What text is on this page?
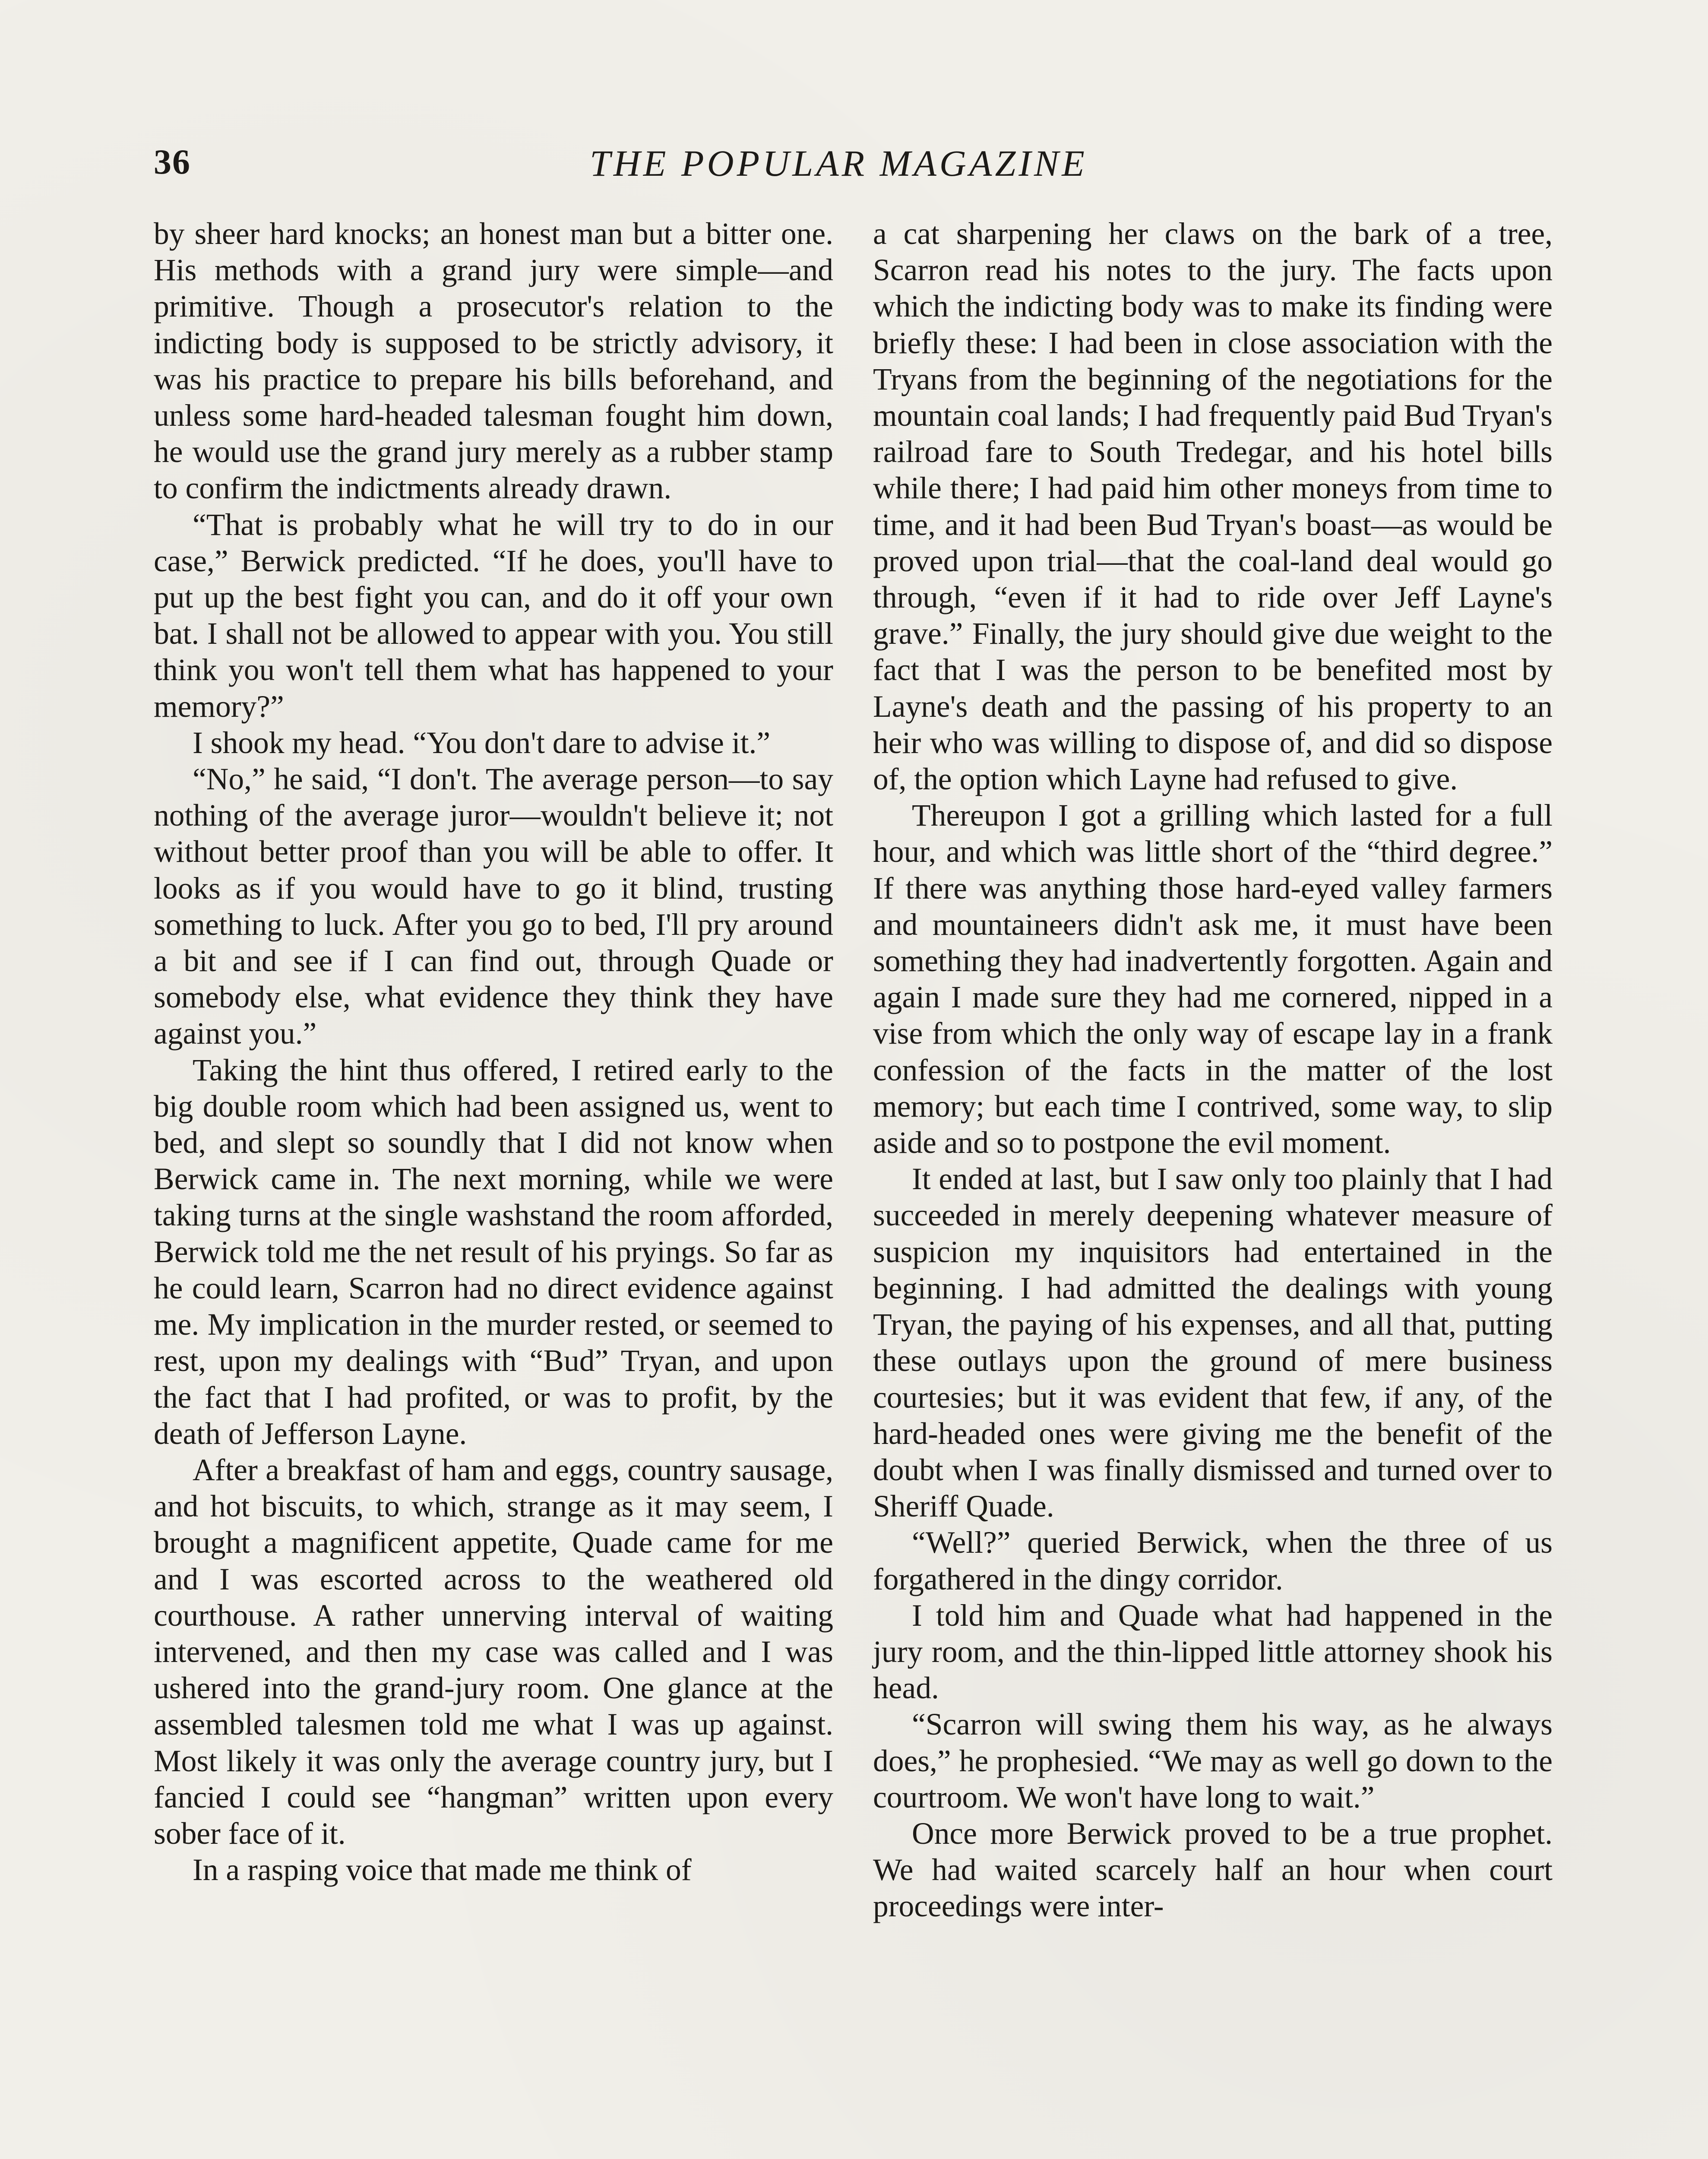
36	THE POPULAR MAGAZINE

by sheer hard knocks; an honest man but a bitter one. His methods with a grand jury were simple—and primitive. Though a prosecutor's relation to the indicting body is supposed to be strictly advisory, it was his practice to prepare his bills beforehand, and unless some hard-headed talesman fought him down, he would use the grand jury merely as a rubber stamp to confirm the indictments already drawn.

“That is probably what he will try to do in our case,” Berwick predicted. “If he does, you'll have to put up the best fight you can, and do it off your own bat. I shall not be allowed to appear with you. You still think you won't tell them what has happened to your memory?”

I shook my head. “You don't dare to advise it.”

“No,” he said, “I don't. The average person—to say nothing of the average juror—wouldn't believe it; not without better proof than you will be able to offer. It looks as if you would have to go it blind, trusting something to luck. After you go to bed, I'll pry around a bit and see if I can find out, through Quade or somebody else, what evidence they think they have against you.”

Taking the hint thus offered, I retired early to the big double room which had been assigned us, went to bed, and slept so soundly that I did not know when Berwick came in. The next morning, while we were taking turns at the single washstand the room afforded, Berwick told me the net result of his pryings. So far as he could learn, Scarron had no direct evidence against me. My implication in the murder rested, or seemed to rest, upon my dealings with “Bud” Tryan, and upon the fact that I had profited, or was to profit, by the death of Jefferson Layne.

After a breakfast of ham and eggs, country sausage, and hot biscuits, to which, strange as it may seem, I brought a magnificent appetite, Quade came for me and I was escorted across to the weathered old courthouse. A rather unnerving interval of waiting intervened, and then my case was called and I was ushered into the grand-jury room. One glance at the assembled talesmen told me what I was up against. Most likely it was only the average country jury, but I fancied I could see “hangman” written upon every sober face of it.

In a rasping voice that made me think of

a cat sharpening her claws on the bark of a tree, Scarron read his notes to the jury. The facts upon which the indicting body was to make its finding were briefly these: I had been in close association with the Tryans from the beginning of the negotiations for the mountain coal lands; I had frequently paid Bud Tryan's railroad fare to South Tredegar, and his hotel bills while there; I had paid him other moneys from time to time, and it had been Bud Tryan's boast—as would be proved upon trial—that the coal-land deal would go through, “even if it had to ride over Jeff Layne's grave.” Finally, the jury should give due weight to the fact that I was the person to be benefited most by Layne's death and the passing of his property to an heir who was willing to dispose of, and did so dispose of, the option which Layne had refused to give.

Thereupon I got a grilling which lasted for a full hour, and which was little short of the “third degree.” If there was anything those hard-eyed valley farmers and mountaineers didn't ask me, it must have been something they had inadvertently forgotten. Again and again I made sure they had me cornered, nipped in a vise from which the only way of escape lay in a frank confession of the facts in the matter of the lost memory; but each time I contrived, some way, to slip aside and so to postpone the evil moment.

It ended at last, but I saw only too plainly that I had succeeded in merely deepening whatever measure of suspicion my inquisitors had entertained in the beginning. I had admitted the dealings with young Tryan, the paying of his expenses, and all that, putting these outlays upon the ground of mere business courtesies; but it was evident that few, if any, of the hard-headed ones were giving me the benefit of the doubt when I was finally dismissed and turned over to Sheriff Quade.

“Well?” queried Berwick, when the three of us forgathered in the dingy corridor.

I told him and Quade what had happened in the jury room, and the thin-lipped little attorney shook his head.

“Scarron will swing them his way, as he always does,” he prophesied. “We may as well go down to the courtroom. We won't have long to wait.”

Once more Berwick proved to be a true prophet. We had waited scarcely half an hour when court proceedings were inter-
